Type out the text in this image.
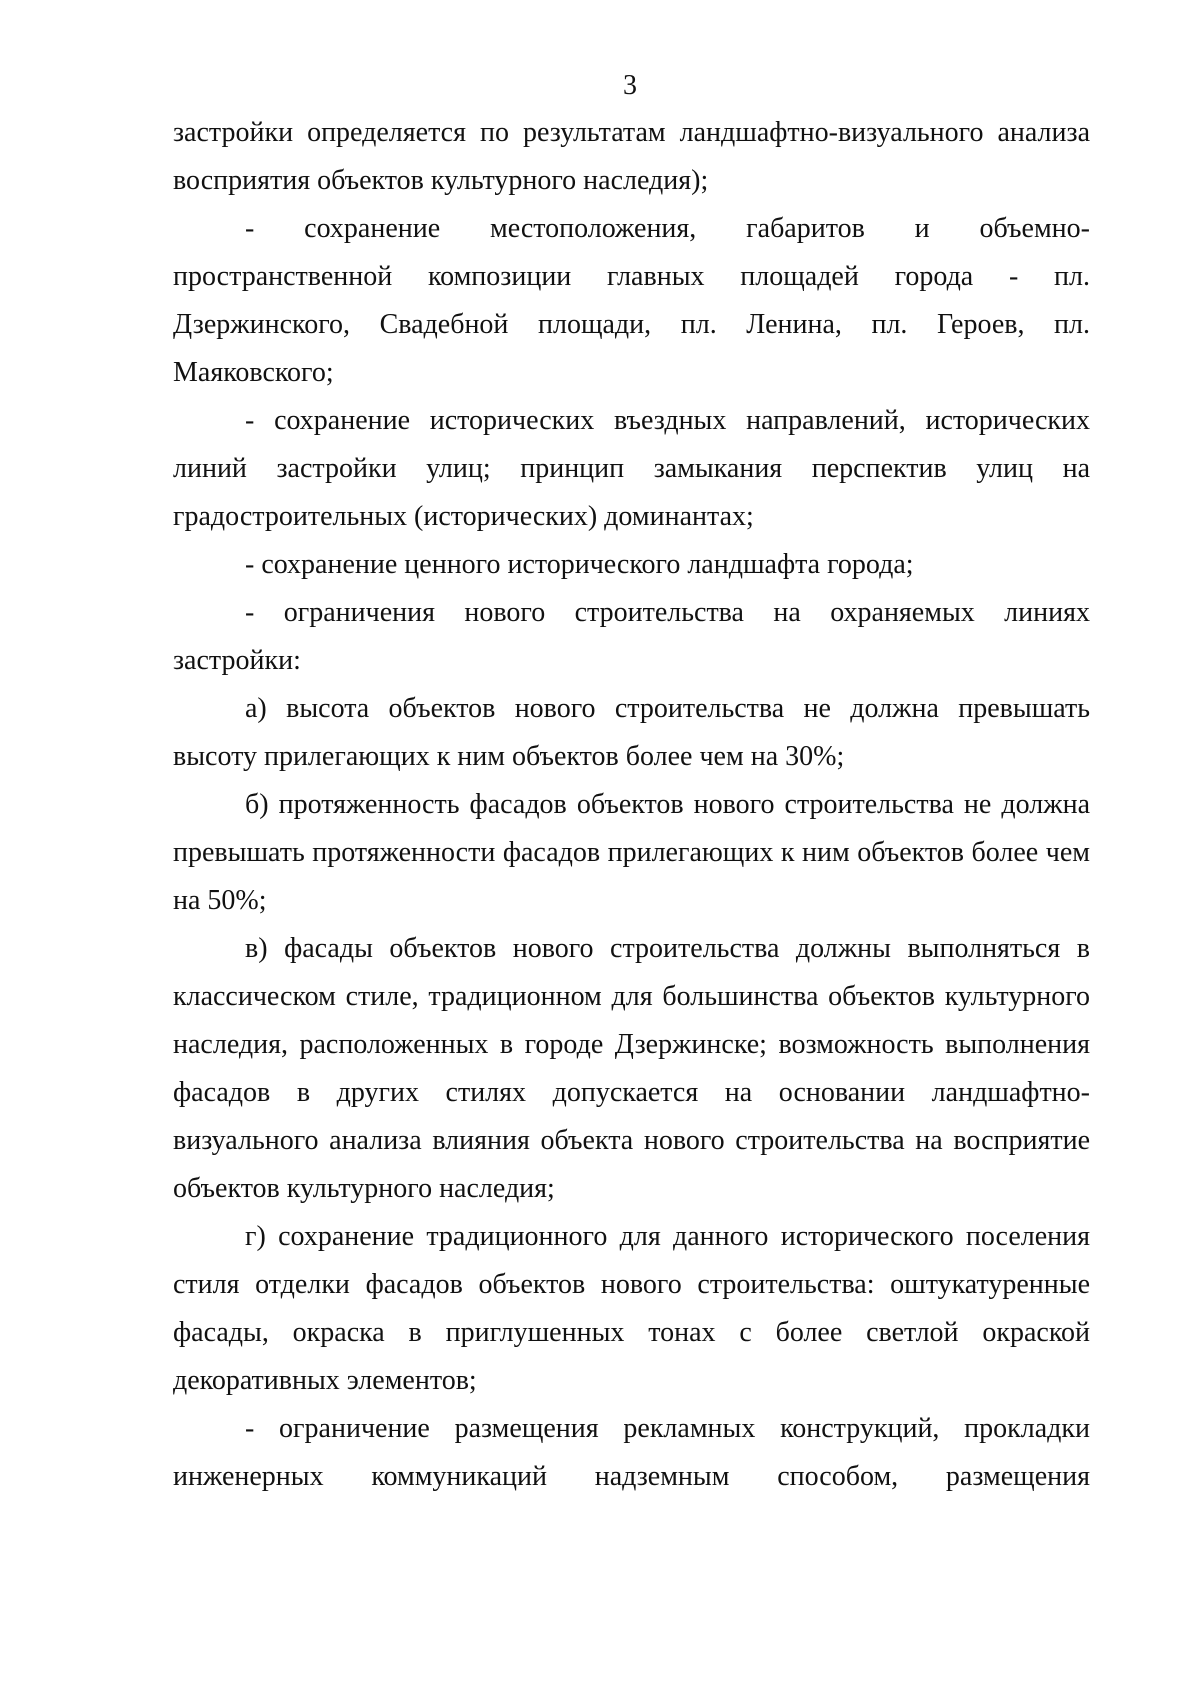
3

застройки определяется по результатам ландшафтно-визуального анализа восприятия объектов культурного наследия);

- сохранение местоположения, габаритов и объемно-пространственной композиции главных площадей города - пл. Дзержинского, Свадебной площади, пл. Ленина, пл. Героев, пл. Маяковского;

- сохранение исторических въездных направлений, исторических линий застройки улиц; принцип замыкания перспектив улиц на градостроительных (исторических) доминантах;

- сохранение ценного исторического ландшафта города;

- ограничения нового строительства на охраняемых линиях застройки:

а) высота объектов нового строительства не должна превышать высоту прилегающих к ним объектов более чем на 30%;

б) протяженность фасадов объектов нового строительства не должна превышать протяженности фасадов прилегающих к ним объектов более чем на 50%;

в) фасады объектов нового строительства должны выполняться в классическом стиле, традиционном для большинства объектов культурного наследия, расположенных в городе Дзержинске; возможность выполнения фасадов в других стилях допускается на основании ландшафтно-визуального анализа влияния объекта нового строительства на восприятие объектов культурного наследия;

г) сохранение традиционного для данного исторического поселения стиля отделки фасадов объектов нового строительства: оштукатуренные фасады, окраска в приглушенных тонах с более светлой окраской декоративных элементов;

- ограничение размещения рекламных конструкций, прокладки инженерных коммуникаций надземным способом, размещения
